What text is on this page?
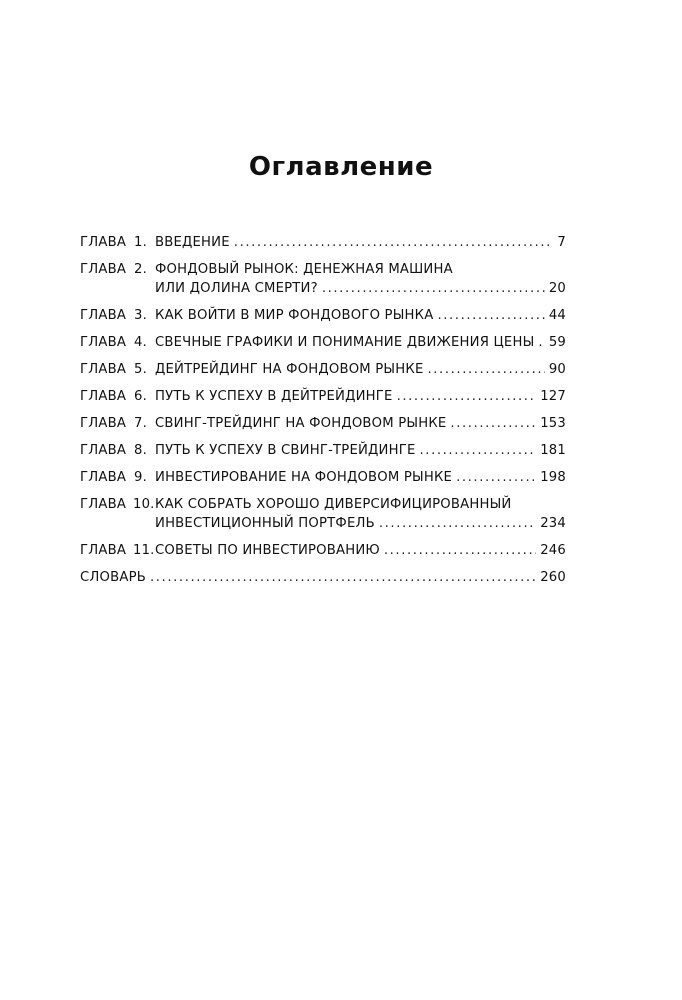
Оглавление
ГЛАВА 1. ВВЕДЕНИЕ . . .	7
ГЛАВА 2. ФОНДОВЫЙ РЫНОК: ДЕНЕЖНАЯ МАШИНА
ИЛИ ДОЛИНА СМЕРТИ? . . .	20
ГЛАВА 3. КАК ВОЙТИ В МИР ФОНДОВОГО РЫНКА . . .	44
ГЛАВА 4. СВЕЧНЫЕ ГРАФИКИ И ПОНИМАНИЕ ДВИЖЕНИЯ ЦЕНЫ . . . 59
ГЛАВА 5. ДЕЙТРЕЙДИНГ НА ФОНДОВОМ РЫНКЕ . . .	90
ГЛАВА 6. ПУТЬ К УСПЕХУ В ДЕЙТРЕЙДИНГЕ . . .	127
ГЛАВА 7. СВИНГ-ТРЕЙДИНГ НА ФОНДОВОМ РЫНКЕ . . .	153
ГЛАВА 8. ПУТЬ К УСПЕХУ В СВИНГ-ТРЕЙДИНГЕ . . .	181
ГЛАВА 9. ИНВЕСТИРОВАНИЕ НА ФОНДОВОМ РЫНКЕ . . .	198
ГЛАВА 10. КАК СОБРАТЬ ХОРОШО ДИВЕРСИФИЦИРОВАННЫЙ
ИНВЕСТИЦИОННЫЙ ПОРТФЕЛЬ . . .	234
ГЛАВА 11. СОВЕТЫ ПО ИНВЕСТИРОВАНИЮ . . .	246
СЛОВАРЬ . . .	260
